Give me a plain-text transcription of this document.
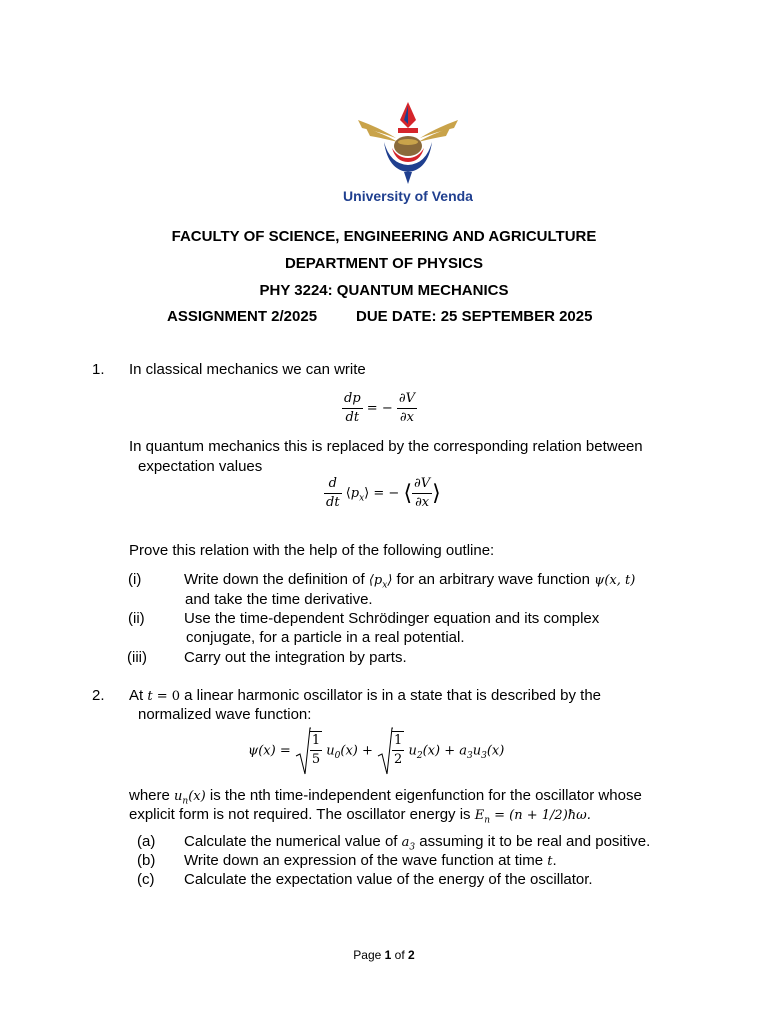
University of Venda
FACULTY OF SCIENCE, ENGINEERING AND AGRICULTURE
DEPARTMENT OF PHYSICS
PHY 3224: QUANTUM MECHANICS
ASSIGNMENT 2/2025	DUE DATE: 25 SEPTEMBER 2025
1. In classical mechanics we can write
$\frac{dp}{dt}$ = − $\frac{\partial V}{\partial x}$
In quantum mechanics this is replaced by the corresponding relation between
expectation values
$\frac{d}{dt}$ $⟨p_x⟩$ = − ⟨ $\frac{\partial V}{\partial x}$ ⟩
Prove this relation with the help of the following outline:
(i)	Write down the definition of $⟨p_x⟩$ for an arbitrary wave function ψ(x, t)
and take the time derivative.
(ii)	Use the time-dependent Schrödinger equation and its complex
conjugate, for a particle in a real potential.
(iii) Carry out the integration by parts.
2. At t = 0 a linear harmonic oscillator is in a state that is described by the
normalized wave function:
$\psi(x) = \frac{1}{5} u_0(x) + \frac{1}{2} u_2(x) + a_3u_3(x)$
where $u_n(x)$ is the nth time-independent eigenfunction for the oscillator whose
explicit form is not required. The oscillator energy is $E_n = (n$ + 1/2)ħω.
(a) Calculate the numerical value of $a_3$ assuming it to be real and positive.
(b) Write down an expression of the wave function at time t.
(c) Calculate the expectation value of the energy of the oscillator.
Page 1 of 2
